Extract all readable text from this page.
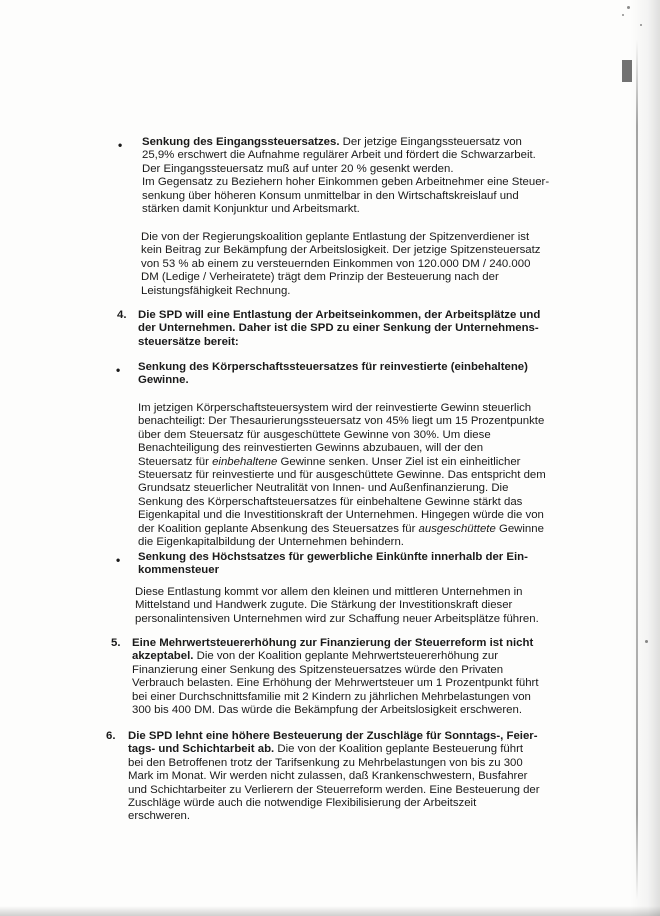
• Senkung des Eingangssteuersatzes. Der jetzige Eingangssteuersatz von
25,9% erschwert die Aufnahme regulärer Arbeit und fördert die Schwarzarbeit.
Der Eingangssteuersatz muß auf unter 20 % gesenkt werden.
Im Gegensatz zu Beziehern hoher Einkommen geben Arbeitnehmer eine Steuer-
senkung über höheren Konsum unmittelbar in den Wirtschaftskreislauf und
stärken damit Konjunktur und Arbeitsmarkt.
Die von der Regierungskoalition geplante Entlastung der Spitzenverdiener ist
kein Beitrag zur Bekämpfung der Arbeitslosigkeit. Der jetzige Spitzensteuersatz
von 53 % ab einem zu versteuernden Einkommen von 120.000 DM / 240.000
DM (Ledige / Verheiratete) trägt dem Prinzip der Besteuerung nach der
Leistungsfähigkeit Rechnung.
4. Die SPD will eine Entlastung der Arbeitseinkommen, der Arbeitsplätze und
der Unternehmen. Daher ist die SPD zu einer Senkung der Unternehmens-
steuersätze bereit:
• Senkung des Körperschaftssteuersatzes für reinvestierte (einbehaltene)
Gewinne.
Im jetzigen Körperschaftsteuersystem wird der reinvestierte Gewinn steuerlich
benachteiligt: Der Thesaurierungssteuersatz von 45% liegt um 15 Prozentpunkte
über dem Steuersatz für ausgeschüttete Gewinne von 30%. Um diese
Benachteiligung des reinvestierten Gewinns abzubauen, will der den
Steuersatz für einbehaltene Gewinne senken. Unser Ziel ist ein einheitlicher
Steuersatz für reinvestierte und für ausgeschüttete Gewinne. Das entspricht dem
Grundsatz steuerlicher Neutralität von Innen- und Außenfinanzierung. Die
Senkung des Körperschaftsteuersatzes für einbehaltene Gewinne stärkt das
Eigenkapital und die Investitionskraft der Unternehmen. Hingegen würde die von
der Koalition geplante Absenkung des Steuersatzes für ausgeschüttete Gewinne
die Eigenkapitalbildung der Unternehmen behindern.
• Senkung des Höchstsatzes für gewerbliche Einkünfte innerhalb der Ein-
kommensteuer
Diese Entlastung kommt vor allem den kleinen und mittleren Unternehmen in
Mittelstand und Handwerk zugute. Die Stärkung der Investitionskraft dieser
personalintensiven Unternehmen wird zur Schaffung neuer Arbeitsplätze führen.
5. Eine Mehrwertsteuererhöhung zur Finanzierung der Steuerreform ist nicht
akzeptabel. Die von der Koalition geplante Mehrwertsteuererhöhung zur
Finanzierung einer Senkung des Spitzensteuersatzes würde den Privaten
Verbrauch belasten. Eine Erhöhung der Mehrwertsteuer um 1 Prozentpunkt führt
bei einer Durchschnittsfamilie mit 2 Kindern zu jährlichen Mehrbelastungen von
300 bis 400 DM. Das würde die Bekämpfung der Arbeitslosigkeit erschweren.
6. Die SPD lehnt eine höhere Besteuerung der Zuschläge für Sonntags-, Feier-
tags- und Schichtarbeit ab. Die von der Koalition geplante Besteuerung führt
bei den Betroffenen trotz der Tarifsenkung zu Mehrbelastungen von bis zu 300
Mark im Monat. Wir werden nicht zulassen, daß Krankenschwestern, Busfahrer
und Schichtarbeiter zu Verlierern der Steuerreform werden. Eine Besteuerung der
Zuschläge würde auch die notwendige Flexibilisierung der Arbeitszeit
erschweren.
